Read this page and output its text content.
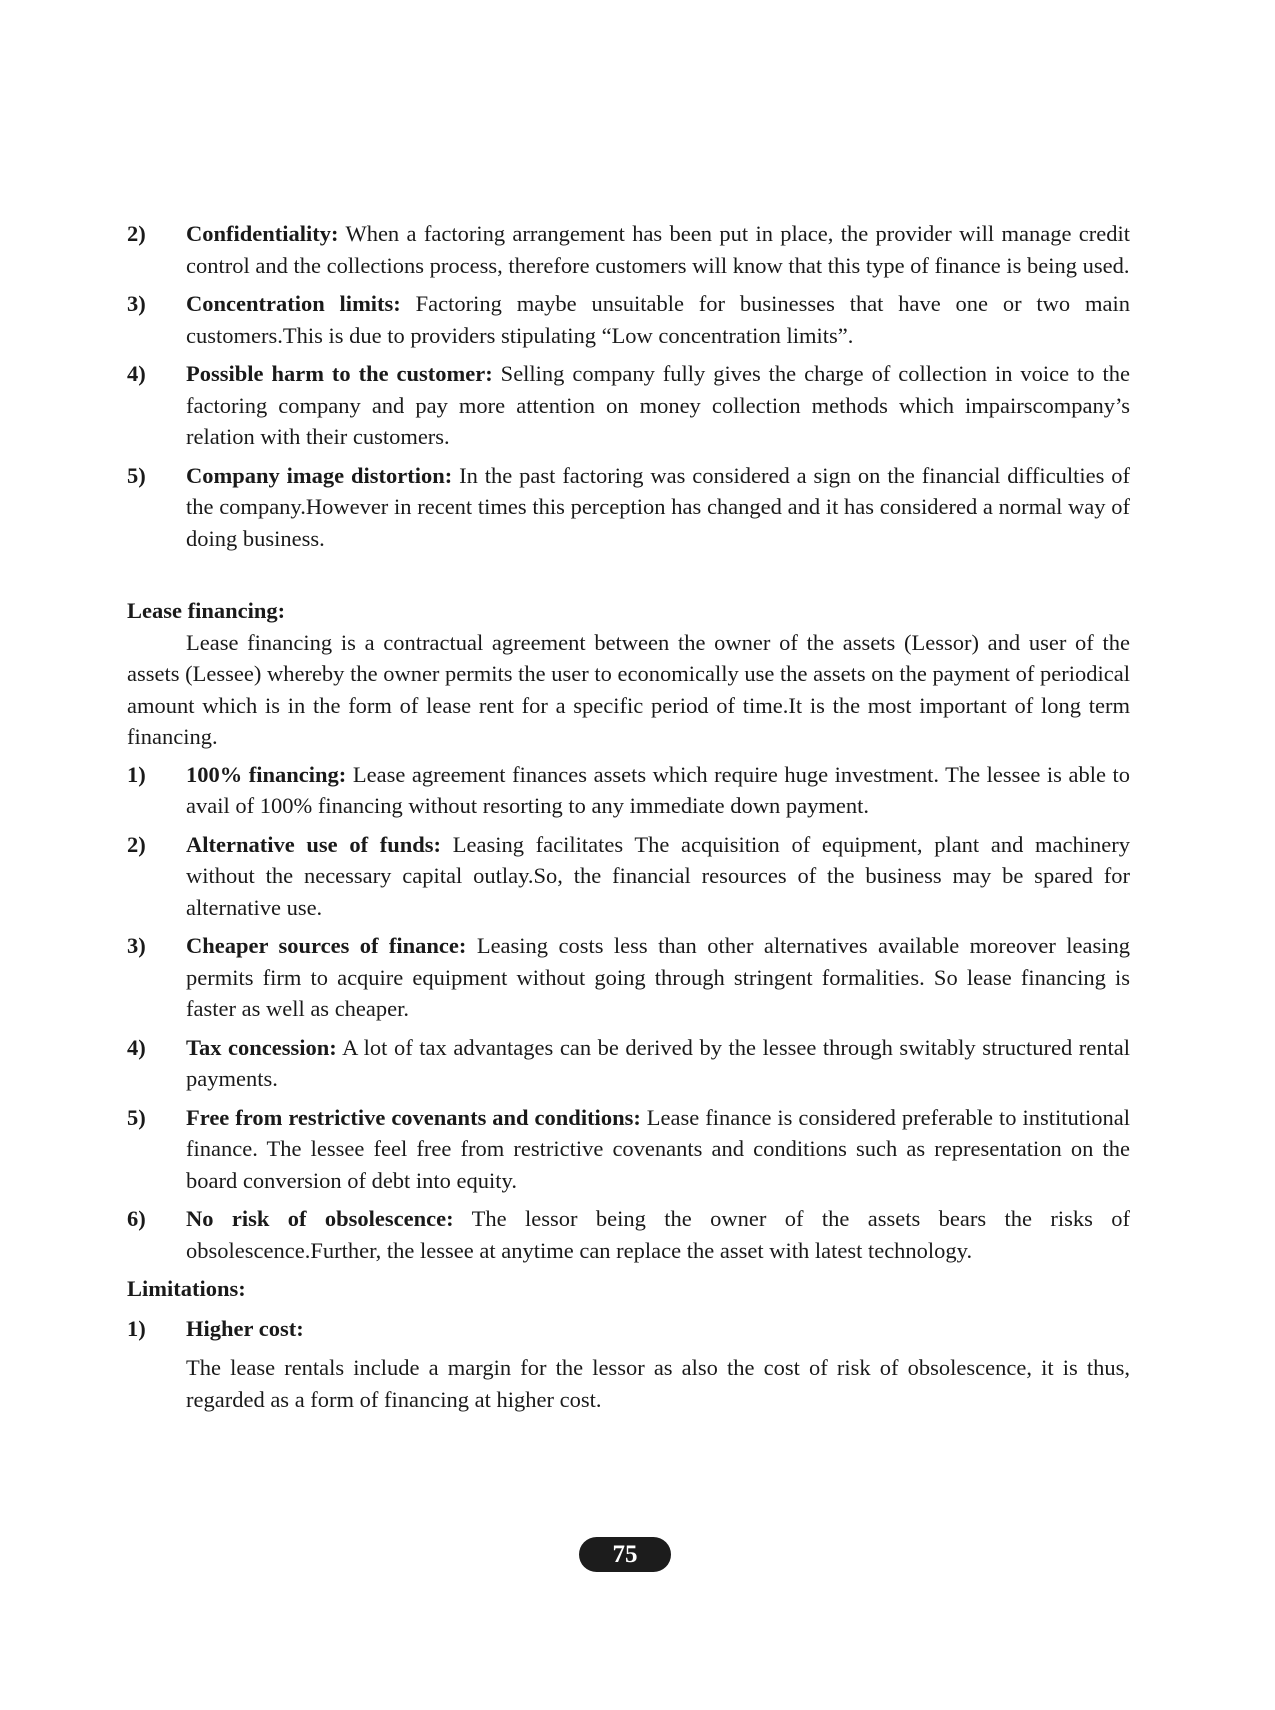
2) Confidentiality: When a factoring arrangement has been put in place, the provider will manage credit control and the collections process, therefore customers will know that this type of finance is being used.
3) Concentration limits: Factoring maybe unsuitable for businesses that have one or two main customers.This is due to providers stipulating “Low concentration limits”.
4) Possible harm to the customer: Selling company fully gives the charge of collection in voice to the factoring company and pay more attention on money collection methods which impairscompany’s relation with their customers.
5) Company image distortion: In the past factoring was considered a sign on the financial difficulties of the company.However in recent times this perception has changed and it has considered a normal way of doing business.

Lease financing:

Lease financing is a contractual agreement between the owner of the assets (Lessor) and user of the assets (Lessee) whereby the owner permits the user to economically use the assets on the payment of periodical amount which is in the form of lease rent for a specific period of time.It is the most important of long term financing.

1) 100% financing: Lease agreement finances assets which require huge investment. The lessee is able to avail of 100% financing without resorting to any immediate down payment.
2) Alternative use of funds: Leasing facilitates The acquisition of equipment, plant and machinery without the necessary capital outlay.So, the financial resources of the business may be spared for alternative use.
3) Cheaper sources of finance: Leasing costs less than other alternatives available moreover leasing permits firm to acquire equipment without going through stringent formalities. So lease financing is faster as well as cheaper.
4) Tax concession: A lot of tax advantages can be derived by the lessee through switably structured rental payments.
5) Free from restrictive covenants and conditions: Lease finance is considered preferable to institutional finance. The lessee feel free from restrictive covenants and conditions such as representation on the board conversion of debt into equity.
6) No risk of obsolescence: The lessor being the owner of the assets bears the risks of obsolescence.Further, the lessee at anytime can replace the asset with latest technology.

Limitations:

1) Higher cost:

The lease rentals include a margin for the lessor as also the cost of risk of obsolescence, it is thus, regarded as a form of financing at higher cost.

75
